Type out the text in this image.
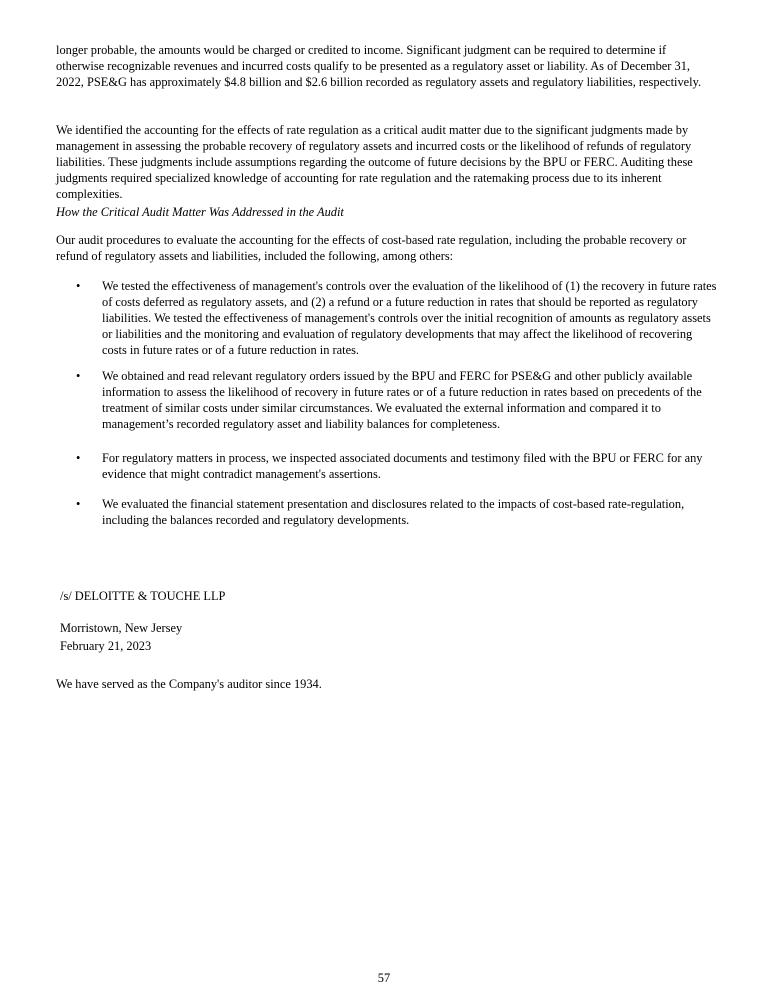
longer probable, the amounts would be charged or credited to income. Significant judgment can be required to determine if otherwise recognizable revenues and incurred costs qualify to be presented as a regulatory asset or liability. As of December 31, 2022, PSE&G has approximately $4.8 billion and $2.6 billion recorded as regulatory assets and regulatory liabilities, respectively.

We identified the accounting for the effects of rate regulation as a critical audit matter due to the significant judgments made by management in assessing the probable recovery of regulatory assets and incurred costs or the likelihood of refunds of regulatory liabilities. These judgments include assumptions regarding the outcome of future decisions by the BPU or FERC. Auditing these judgments required specialized knowledge of accounting for rate regulation and the ratemaking process due to its inherent complexities.

How the Critical Audit Matter Was Addressed in the Audit

Our audit procedures to evaluate the accounting for the effects of cost-based rate regulation, including the probable recovery or refund of regulatory assets and liabilities, included the following, among others:

• We tested the effectiveness of management's controls over the evaluation of the likelihood of (1) the recovery in future rates of costs deferred as regulatory assets, and (2) a refund or a future reduction in rates that should be reported as regulatory liabilities. We tested the effectiveness of management's controls over the initial recognition of amounts as regulatory assets or liabilities and the monitoring and evaluation of regulatory developments that may affect the likelihood of recovering costs in future rates or of a future reduction in rates.

• We obtained and read relevant regulatory orders issued by the BPU and FERC for PSE&G and other publicly available information to assess the likelihood of recovery in future rates or of a future reduction in rates based on precedents of the treatment of similar costs under similar circumstances. We evaluated the external information and compared it to management’s recorded regulatory asset and liability balances for completeness.

• For regulatory matters in process, we inspected associated documents and testimony filed with the BPU or FERC for any evidence that might contradict management's assertions.

• We evaluated the financial statement presentation and disclosures related to the impacts of cost-based rate-regulation, including the balances recorded and regulatory developments.

/s/ DELOITTE & TOUCHE LLP

Morristown, New Jersey

February 21, 2023

We have served as the Company's auditor since 1934.

57
